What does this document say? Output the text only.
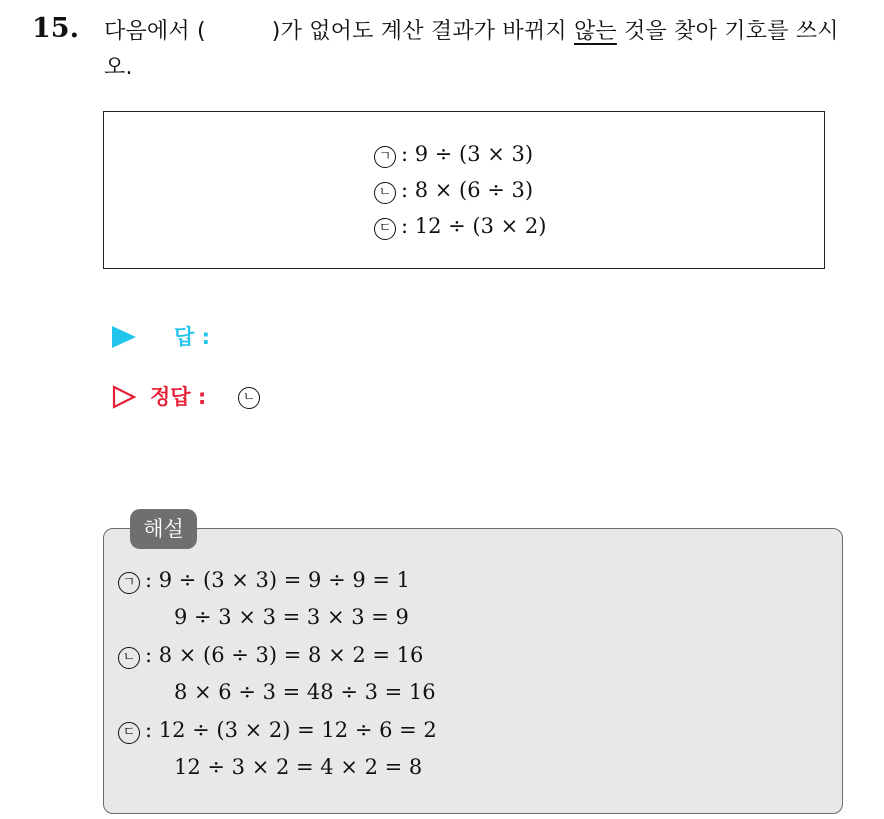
15. 다음에서 (	)가 없어도 계산 결과가 바뀌지 않는 것을 찾아 기호를 쓰시오.
ㄱ : 9 ÷ (3 × 3)
ㄴ : 8 × (6 ÷ 3)
ㄷ : 12 ÷ (3 × 2)
답 :
정답 :	ㄴ
ㄱ : 9 ÷ (3 × 3) = 9 ÷ 9 = 1
9 ÷ 3 × 3 = 3 × 3 = 9
ㄴ : 8 × (6 ÷ 3) = 8 × 2 = 16
8 × 6 ÷ 3 = 48 ÷ 3 = 16
ㄷ : 12 ÷ (3 × 2) = 12 ÷ 6 = 2
12 ÷ 3 × 2 = 4 × 2 = 8
해설
